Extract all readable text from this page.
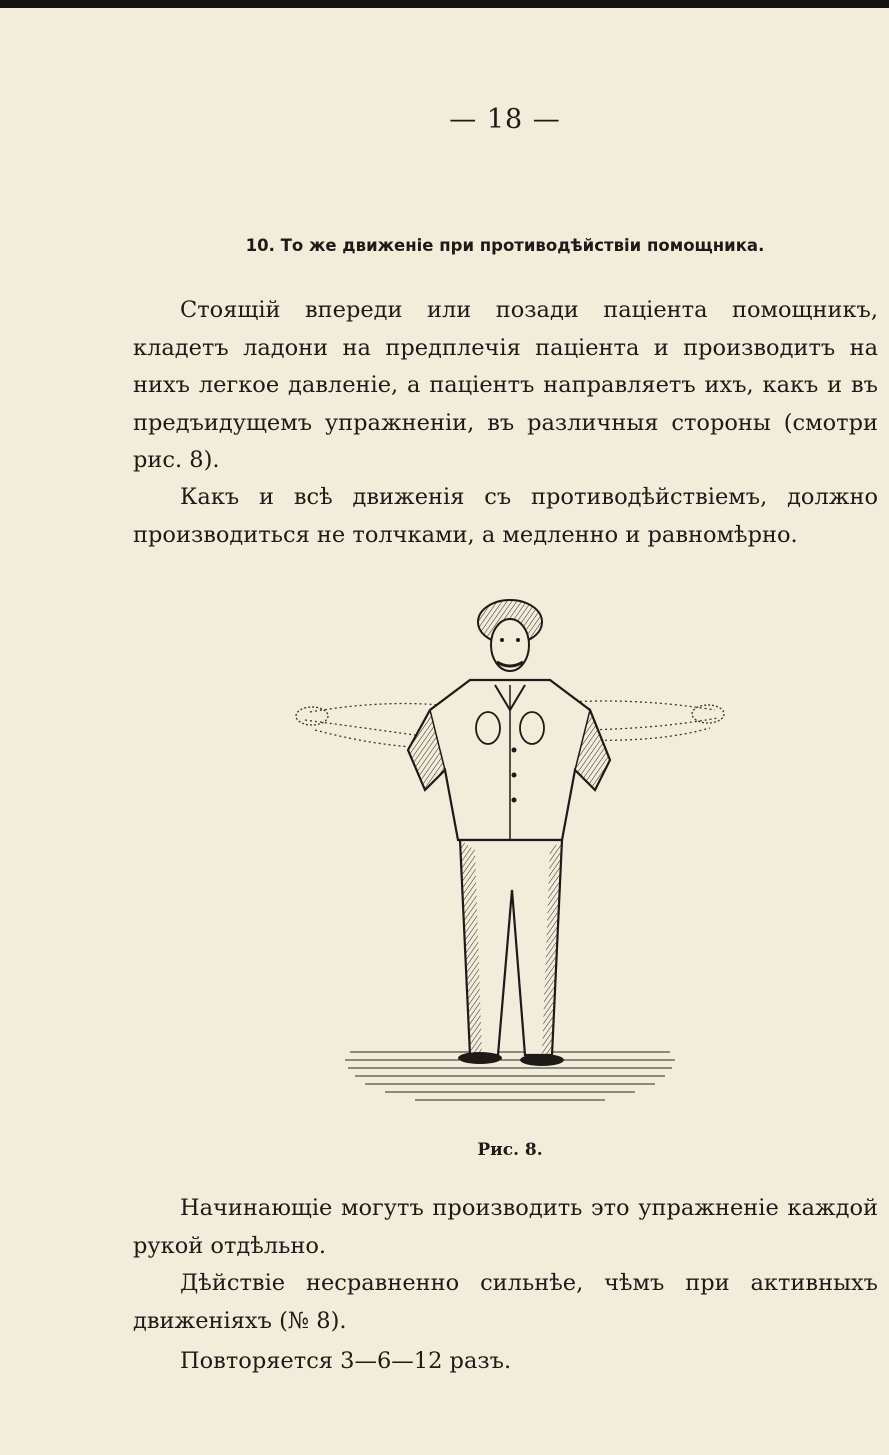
— 18 —
10. То же движеніе при противодѣйствіи помощника.

Стоящій впереди или позади паціента помощникъ, кладетъ ладони на предплечія паціента и производитъ на нихъ легкое давленіе, а паціентъ направляетъ ихъ, какъ и въ предъидущемъ упражненіи, въ различныя стороны (смотри рис. 8).

Какъ и всѣ движенія съ противодѣйствіемъ, должно производиться не толчками, а медленно и равномѣрно.

Рис. 8.

Начинающіе могутъ производить это упражненіе каждой рукой отдѣльно.

Дѣйствіе несравненно сильнѣе, чѣмъ при активныхъ движеніяхъ (№ 8).

Повторяется 3—6—12 разъ.
